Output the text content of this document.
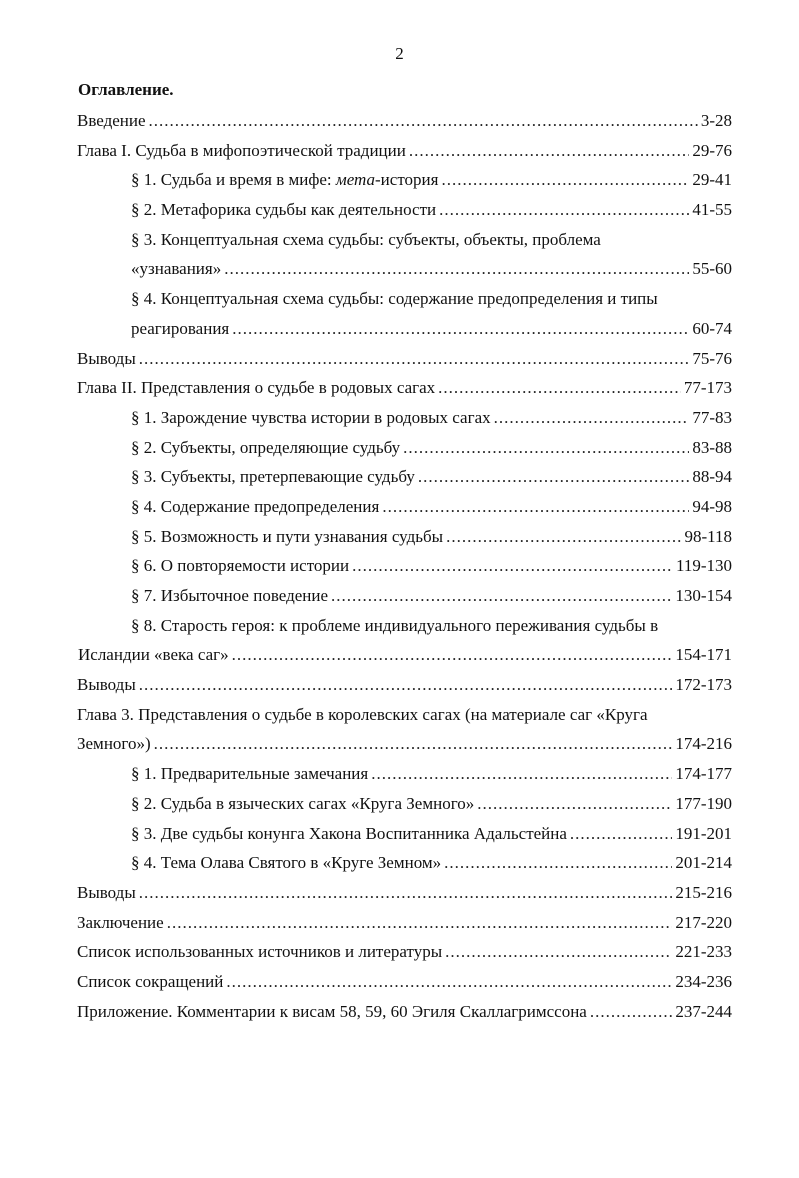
2
Оглавление.
Введение .....	3-28
Глава I. Судьба в мифопоэтической традиции .....	29-76
§ 1. Судьба и время в мифе: мета-история .....	29-41
§ 2. Метафорика судьбы как деятельности .....	41-55
§ 3. Концептуальная схема судьбы: субъекты, объекты, проблема
«узнавания» .....	55-60
§ 4. Концептуальная схема судьбы: содержание предопределения и типы
реагирования .....	60-74
Выводы .....	75-76
Глава II. Представления о судьбе в родовых сагах .....	77-173
§ 1. Зарождение чувства истории в родовых сагах .....	77-83
§ 2. Субъекты, определяющие судьбу .....	83-88
§ 3. Субъекты, претерпевающие судьбу .....	88-94
§ 4. Содержание предопределения .....	94-98
§ 5. Возможность и пути узнавания судьбы .....	98-118
§ 6. О повторяемости истории .....	119-130
§ 7. Избыточное поведение .....	130-154
§ 8. Старость героя: к проблеме индивидуального переживания судьбы в
Исландии «века саг» .....	154-171
Выводы .....	172-173
Глава 3. Представления о судьбе в королевских сагах (на материале саг «Круга
Земного») .....	174-216
§ 1. Предварительные замечания .....	174-177
§ 2. Судьба в языческих сагах «Круга Земного» .....	177-190
§ 3. Две судьбы конунга Хакона Воспитанника Адальстейна .....	191-201
§ 4. Тема Олава Святого в «Круге Земном» .....	201-214
Выводы .....	215-216
Заключение .....	217-220
Список использованных источников и литературы .....	221-233
Список сокращений .....	234-236
Приложение. Комментарии к висам 58, 59, 60 Эгиля Скаллагримссона .....	237-244
